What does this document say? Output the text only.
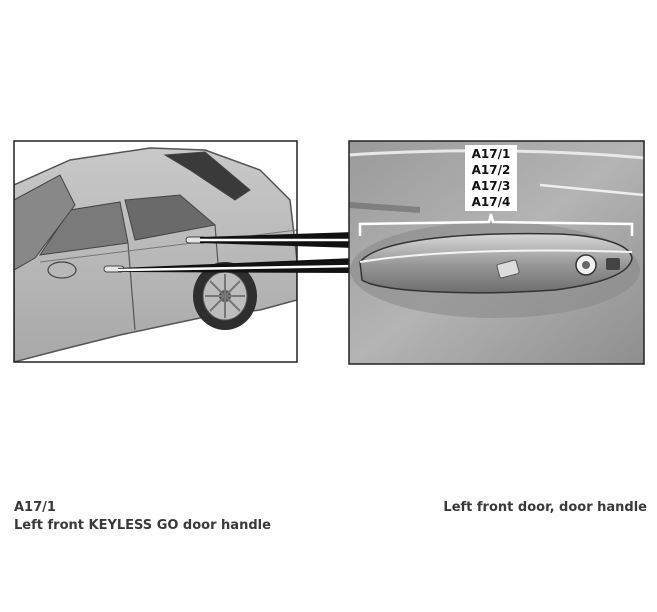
A17/1
A17/2
A17/3
A17/4
A17/1
Left front KEYLESS GO door handle
Left front door, door handle
